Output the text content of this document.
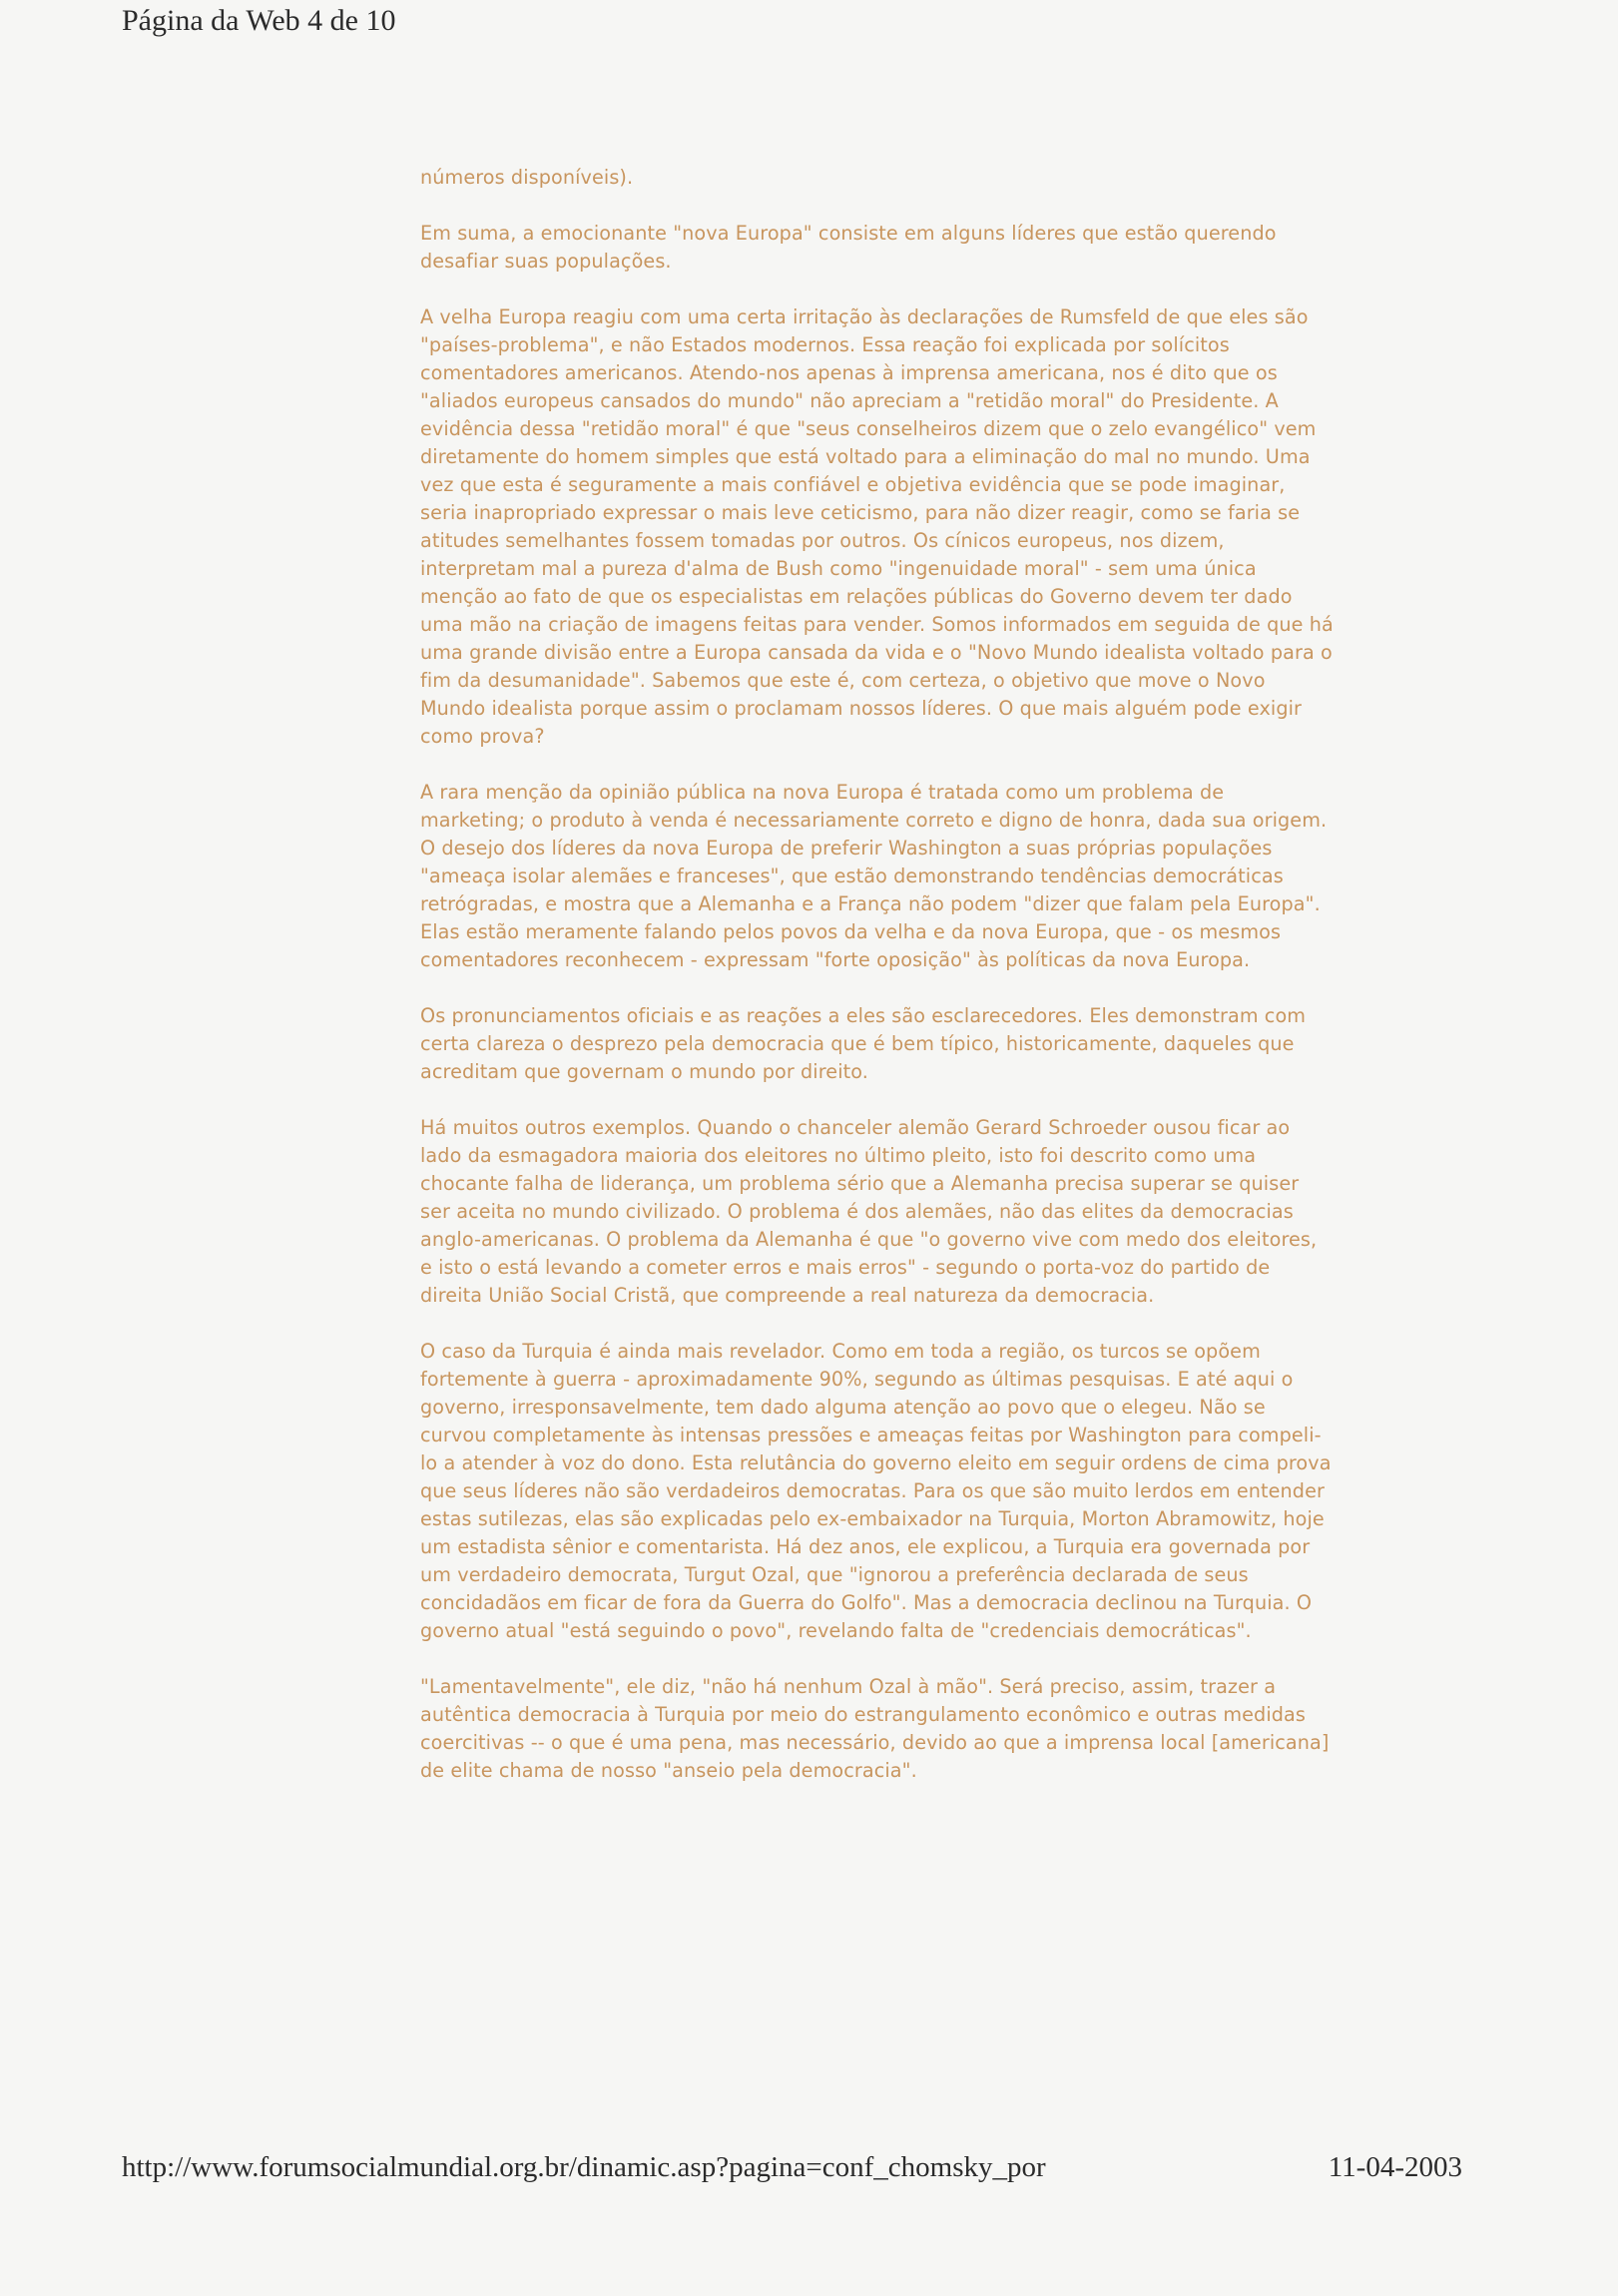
Página da Web 4 de 10

números disponíveis).

Em suma, a emocionante "nova Europa" consiste em alguns líderes que estão querendo desafiar suas populações.

A velha Europa reagiu com uma certa irritação às declarações de Rumsfeld de que eles são "países-problema", e não Estados modernos. Essa reação foi explicada por solícitos comentadores americanos. Atendo-nos apenas à imprensa americana, nos é dito que os "aliados europeus cansados do mundo" não apreciam a "retidão moral" do Presidente. A evidência dessa "retidão moral" é que "seus conselheiros dizem que o zelo evangélico" vem diretamente do homem simples que está voltado para a eliminação do mal no mundo. Uma vez que esta é seguramente a mais confiável e objetiva evidência que se pode imaginar, seria inapropriado expressar o mais leve ceticismo, para não dizer reagir, como se faria se atitudes semelhantes fossem tomadas por outros. Os cínicos europeus, nos dizem, interpretam mal a pureza d'alma de Bush como "ingenuidade moral" - sem uma única menção ao fato de que os especialistas em relações públicas do Governo devem ter dado uma mão na criação de imagens feitas para vender. Somos informados em seguida de que há uma grande divisão entre a Europa cansada da vida e o "Novo Mundo idealista voltado para o fim da desumanidade". Sabemos que este é, com certeza, o objetivo que move o Novo Mundo idealista porque assim o proclamam nossos líderes. O que mais alguém pode exigir como prova?

A rara menção da opinião pública na nova Europa é tratada como um problema de marketing; o produto à venda é necessariamente correto e digno de honra, dada sua origem. O desejo dos líderes da nova Europa de preferir Washington a suas próprias populações "ameaça isolar alemães e franceses", que estão demonstrando tendências democráticas retrógradas, e mostra que a Alemanha e a França não podem "dizer que falam pela Europa". Elas estão meramente falando pelos povos da velha e da nova Europa, que - os mesmos comentadores reconhecem - expressam "forte oposição" às políticas da nova Europa.

Os pronunciamentos oficiais e as reações a eles são esclarecedores. Eles demonstram com certa clareza o desprezo pela democracia que é bem típico, historicamente, daqueles que acreditam que governam o mundo por direito.

Há muitos outros exemplos. Quando o chanceler alemão Gerard Schroeder ousou ficar ao lado da esmagadora maioria dos eleitores no último pleito, isto foi descrito como uma chocante falha de liderança, um problema sério que a Alemanha precisa superar se quiser ser aceita no mundo civilizado. O problema é dos alemães, não das elites da democracias anglo-americanas. O problema da Alemanha é que "o governo vive com medo dos eleitores, e isto o está levando a cometer erros e mais erros" - segundo o porta-voz do partido de direita União Social Cristã, que compreende a real natureza da democracia.

O caso da Turquia é ainda mais revelador. Como em toda a região, os turcos se opõem fortemente à guerra - aproximadamente 90%, segundo as últimas pesquisas. E até aqui o governo, irresponsavelmente, tem dado alguma atenção ao povo que o elegeu. Não se curvou completamente às intensas pressões e ameaças feitas por Washington para compeli-lo a atender à voz do dono. Esta relutância do governo eleito em seguir ordens de cima prova que seus líderes não são verdadeiros democratas. Para os que são muito lerdos em entender estas sutilezas, elas são explicadas pelo ex-embaixador na Turquia, Morton Abramowitz, hoje um estadista sênior e comentarista. Há dez anos, ele explicou, a Turquia era governada por um verdadeiro democrata, Turgut Ozal, que "ignorou a preferência declarada de seus concidadãos em ficar de fora da Guerra do Golfo". Mas a democracia declinou na Turquia. O governo atual "está seguindo o povo", revelando falta de "credenciais democráticas".

"Lamentavelmente", ele diz, "não há nenhum Ozal à mão". Será preciso, assim, trazer a autêntica democracia à Turquia por meio do estrangulamento econômico e outras medidas coercitivas -- o que é uma pena, mas necessário, devido ao que a imprensa local [americana] de elite chama de nosso "anseio pela democracia".

http://www.forumsocialmundial.org.br/dinamic.asp?pagina=conf_chomsky_por	11-04-2003
